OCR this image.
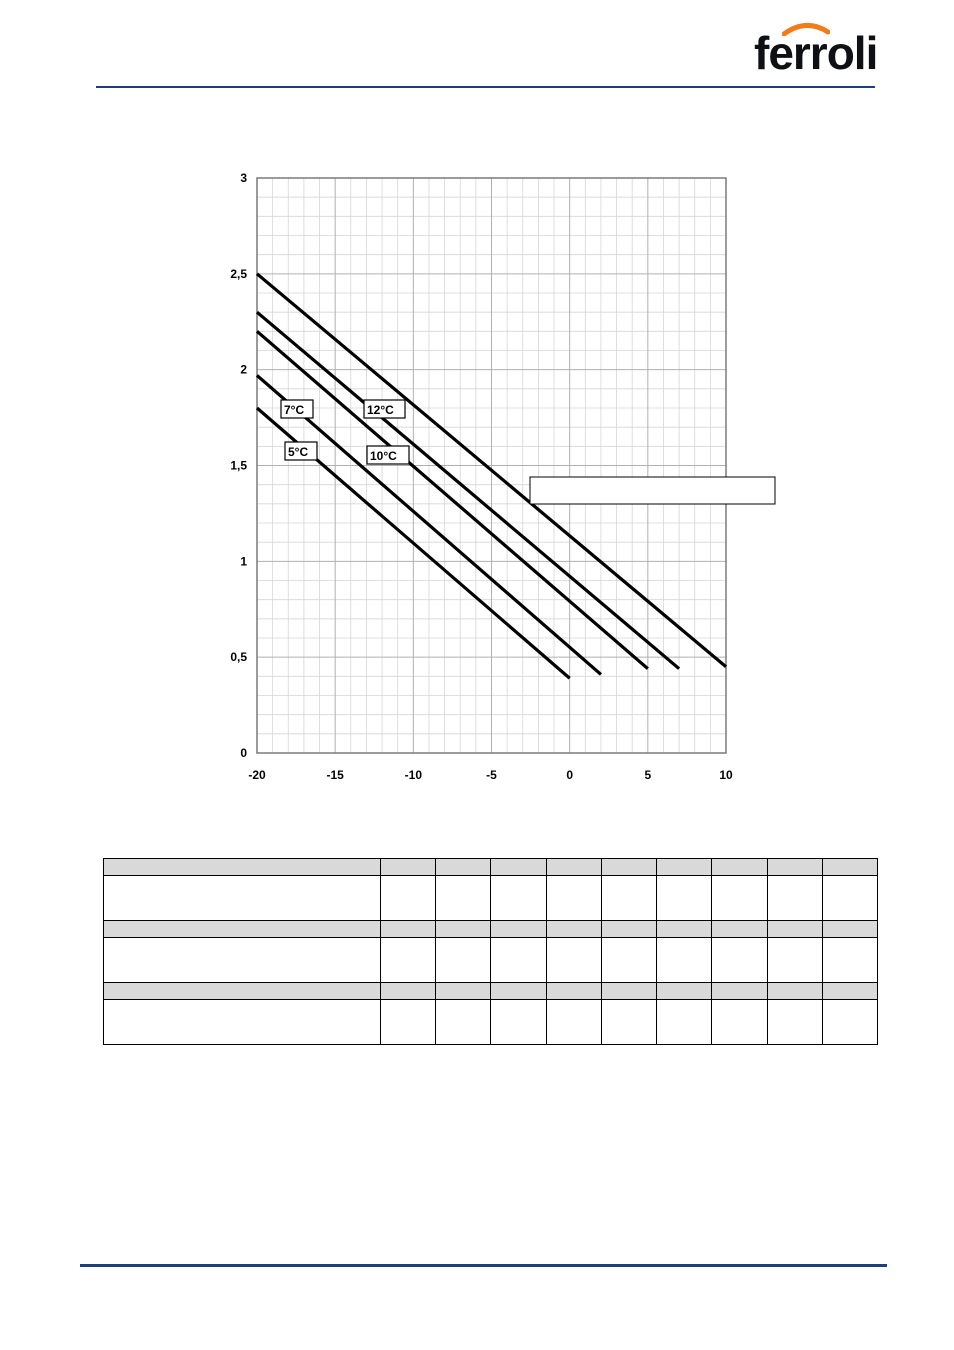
ferroli
-20	-15	-10	-5	0	5	10
0
0,5
1
1,5
2
2,5
3
5°C
7°C
10°C
12°C
